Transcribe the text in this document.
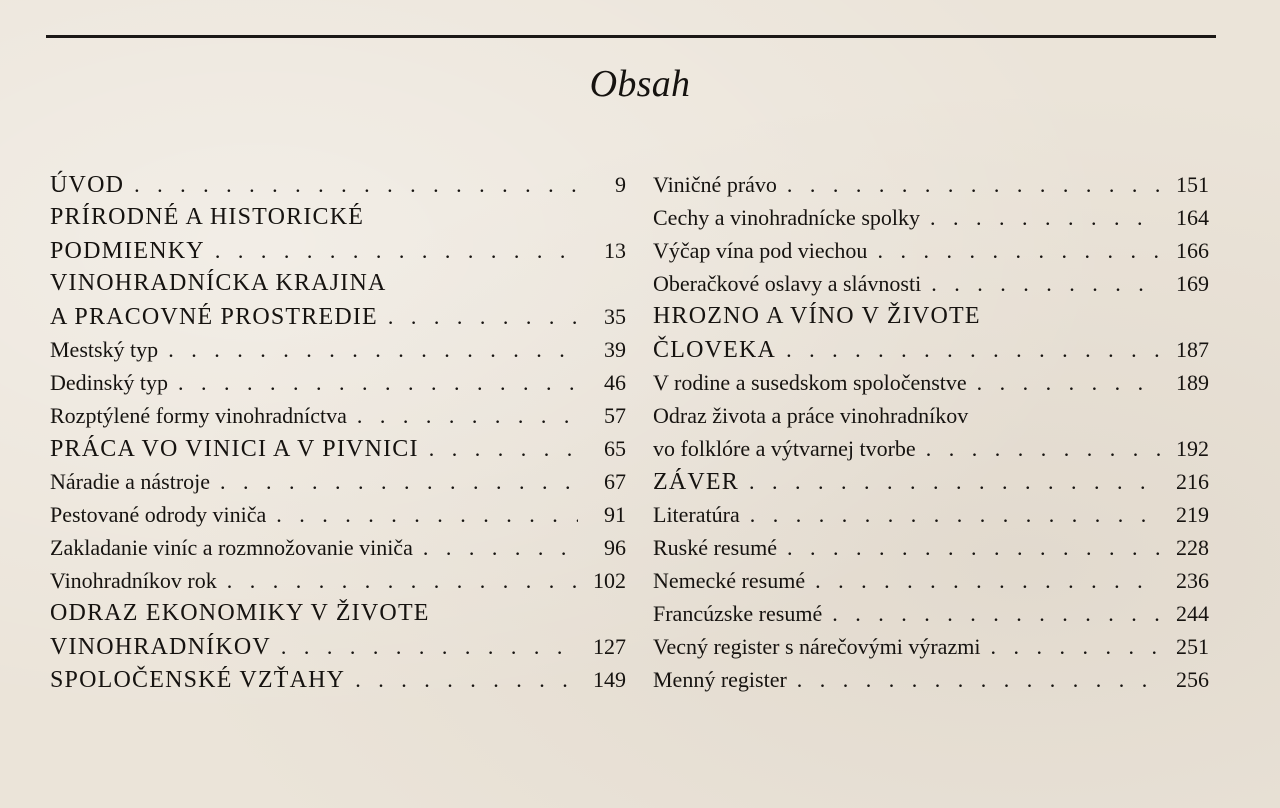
Obsah
ÚVOD . . .	9
PRÍRODNÉ A HISTORICKÉ
PODMIENKY . . .	13
VINOHRADNÍCKA KRAJINA
A PRACOVNÉ PROSTREDIE . . .	35
Mestský typ . . .	39
Dedinský typ . . .	46
Rozptýlené formy vinohradníctva . . .	57
PRÁCA VO VINICI A V PIVNICI . . .	65
Náradie a nástroje . . .	67
Pestované odrody viniča . . .	91
Zakladanie viníc a rozmnožovanie viniča . . .	96
Vinohradníkov rok . . .	102
ODRAZ EKONOMIKY V ŽIVOTE
VINOHRADNÍKOV . . .	127
SPOLOČENSKÉ VZŤAHY . . .	149
Viničné právo . . .	151
Cechy a vinohradnícke spolky . . .	164
Výčap vína pod viechou . . .	166
Oberačkové oslavy a slávnosti . . .	169
HROZNO A VÍNO V ŽIVOTE
ČLOVEKA . . .	187
V rodine a susedskom spoločenstve . . .	189
Odraz života a práce vinohradníkov
vo folklóre a výtvarnej tvorbe . . .	192
ZÁVER . . .	216
Literatúra . . .	219
Ruské resumé . . .	228
Nemecké resumé . . .	236
Francúzske resumé . . .	244
Vecný register s nárečovými výrazmi . . .	251
Menný register . . .	256
